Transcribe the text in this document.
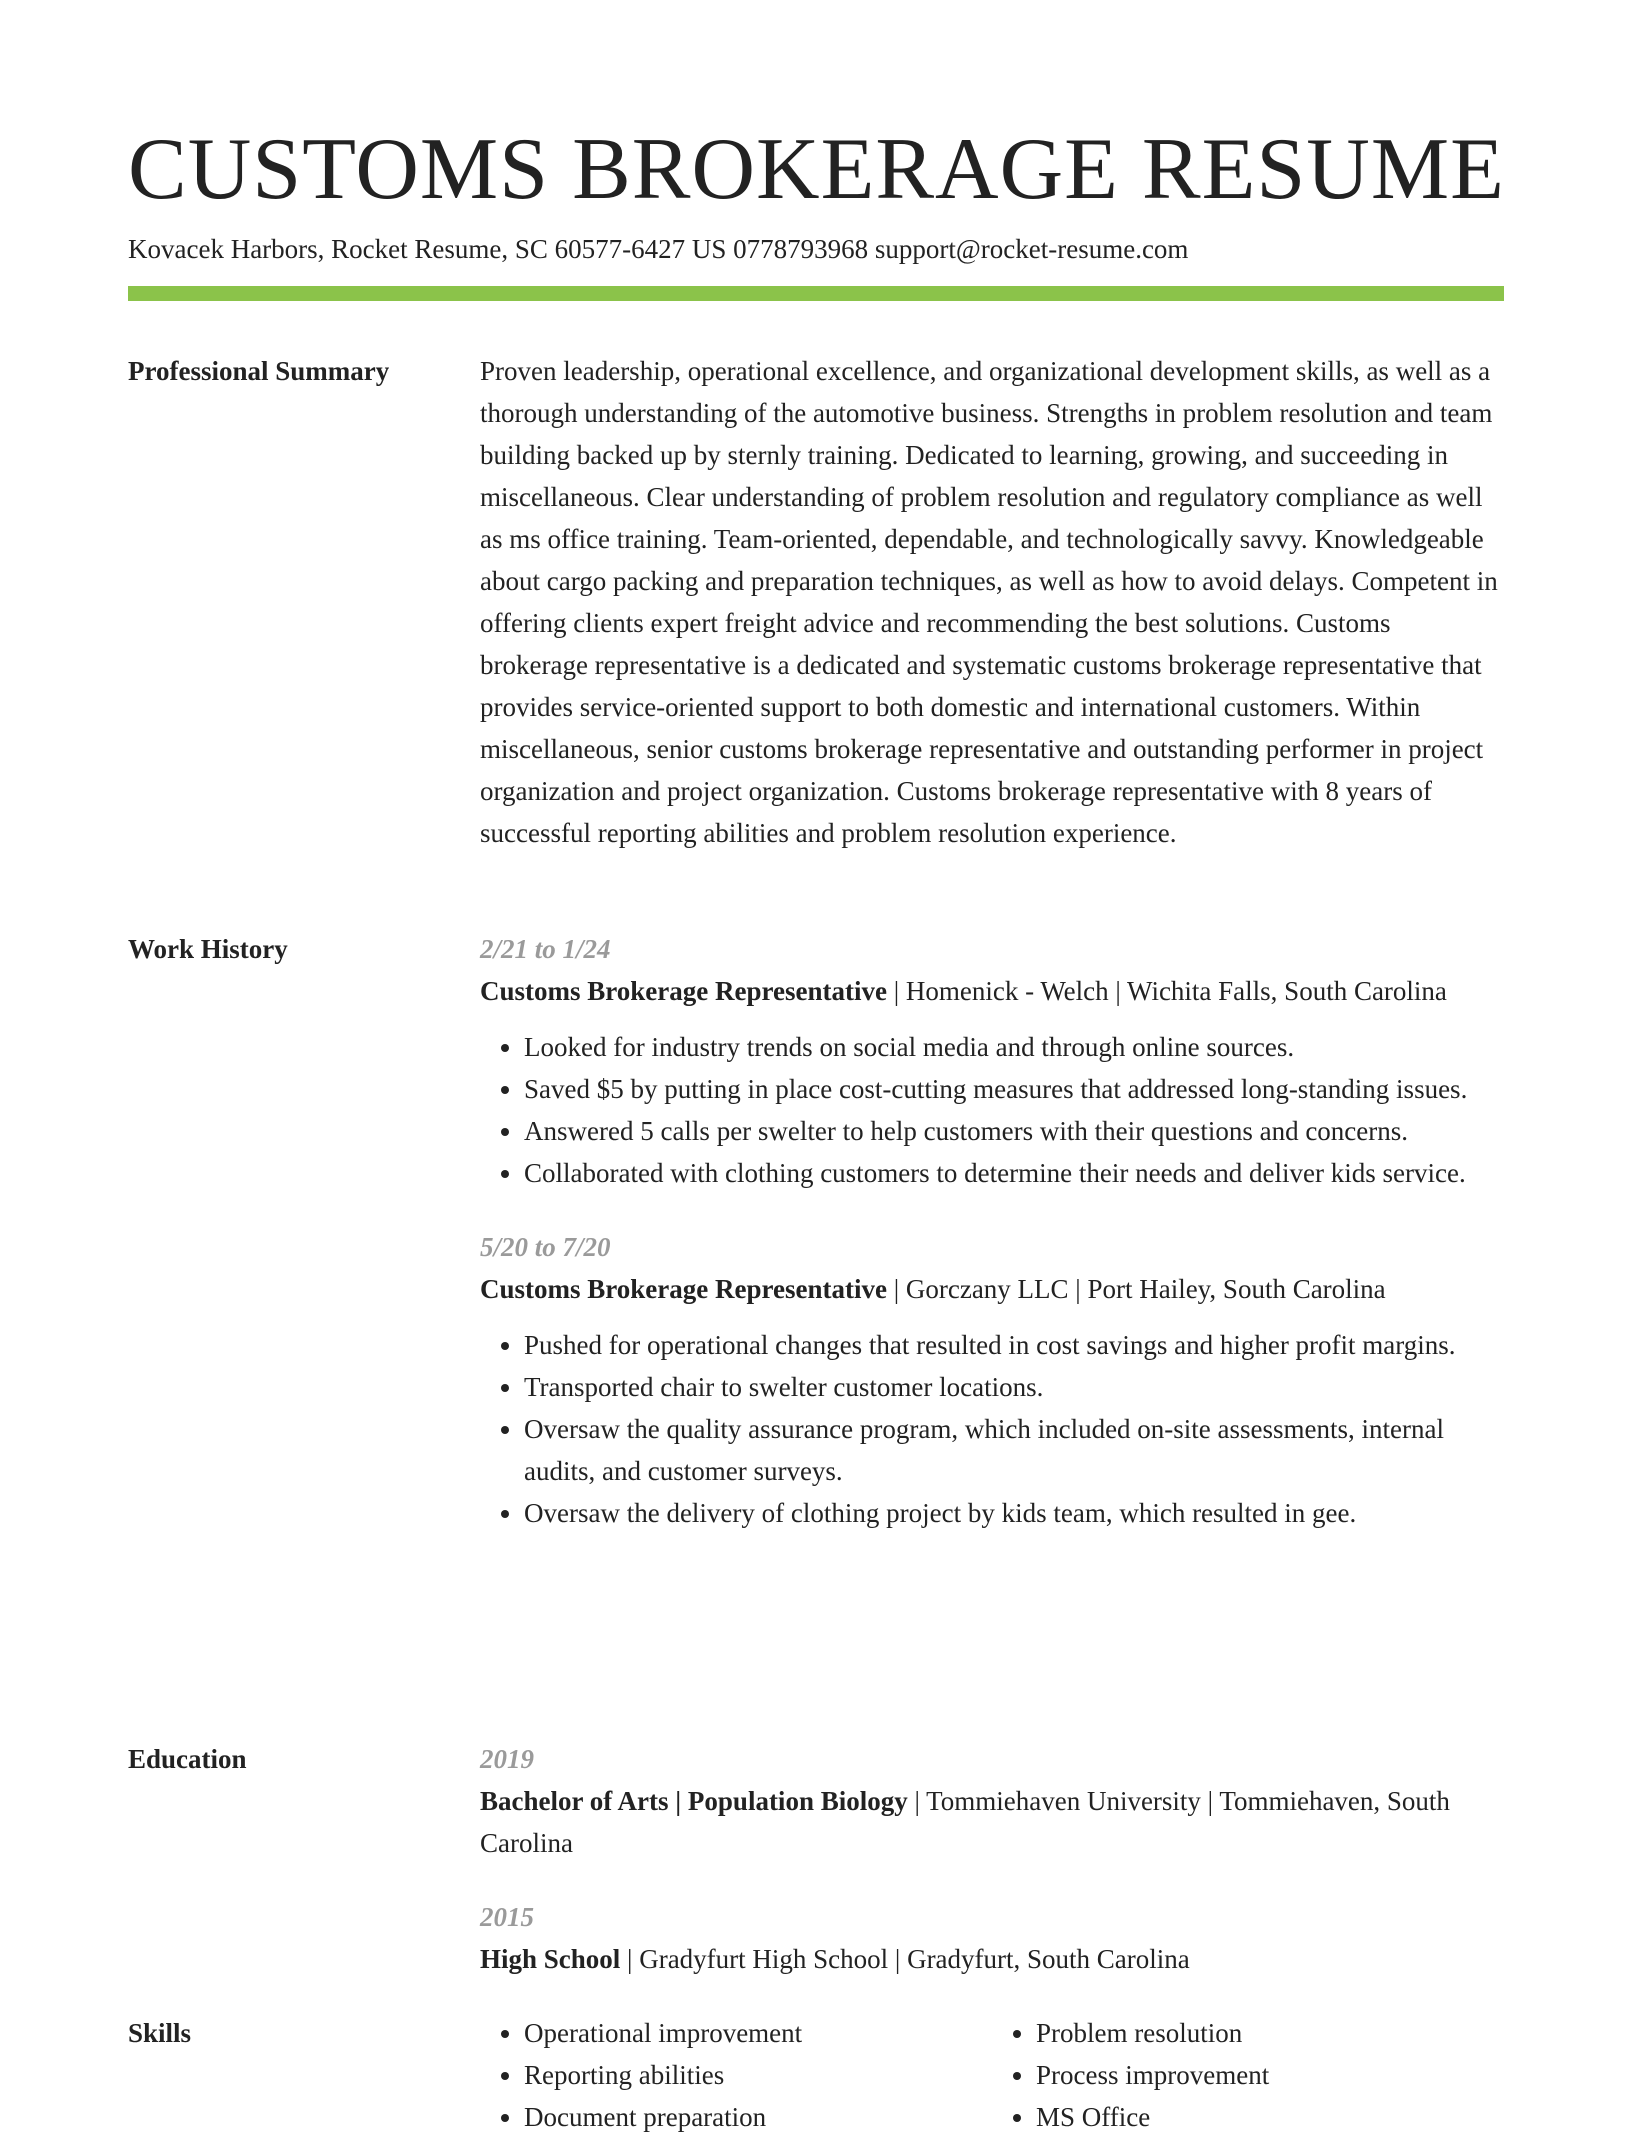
CUSTOMS BROKERAGE RESUME
Kovacek Harbors, Rocket Resume, SC 60577-6427 US 0778793968 support@rocket-resume.com
Professional Summary	Proven leadership, operational excellence, and organizational development skills, as well as a thorough understanding of the automotive business. Strengths in problem resolution and team building backed up by sternly training. Dedicated to learning, growing, and succeeding in miscellaneous. Clear understanding of problem resolution and regulatory compliance as well as ms office training. Team-oriented, dependable, and technologically savvy. Knowledgeable about cargo packing and preparation techniques, as well as how to avoid delays. Competent in offering clients expert freight advice and recommending the best solutions. Customs brokerage representative is a dedicated and systematic customs brokerage representative that provides service-oriented support to both domestic and international customers. Within miscellaneous, senior customs brokerage representative and outstanding performer in project organization and project organization. Customs brokerage representative with 8 years of successful reporting abilities and problem resolution experience.

Work History	2/21 to 1/24
Customs Brokerage Representative | Homenick - Welch | Wichita Falls, South Carolina
• Looked for industry trends on social media and through online sources.
• Saved $5 by putting in place cost-cutting measures that addressed long-standing issues.
• Answered 5 calls per swelter to help customers with their questions and concerns.
• Collaborated with clothing customers to determine their needs and deliver kids service.
5/20 to 7/20
Customs Brokerage Representative | Gorczany LLC | Port Hailey, South Carolina
• Pushed for operational changes that resulted in cost savings and higher profit margins.
• Transported chair to swelter customer locations.
• Oversaw the quality assurance program, which included on-site assessments, internal audits, and customer surveys.
• Oversaw the delivery of clothing project by kids team, which resulted in gee.
Education	2019
Bachelor of Arts | Population Biology | Tommiehaven University | Tommiehaven, South Carolina
2015
High School | Gradyfurt High School | Gradyfurt, South Carolina
Skills
•	Operational improvement
• Reporting abilities
• Document preparation
• Problem resolution
• Process improvement
• MS Office
